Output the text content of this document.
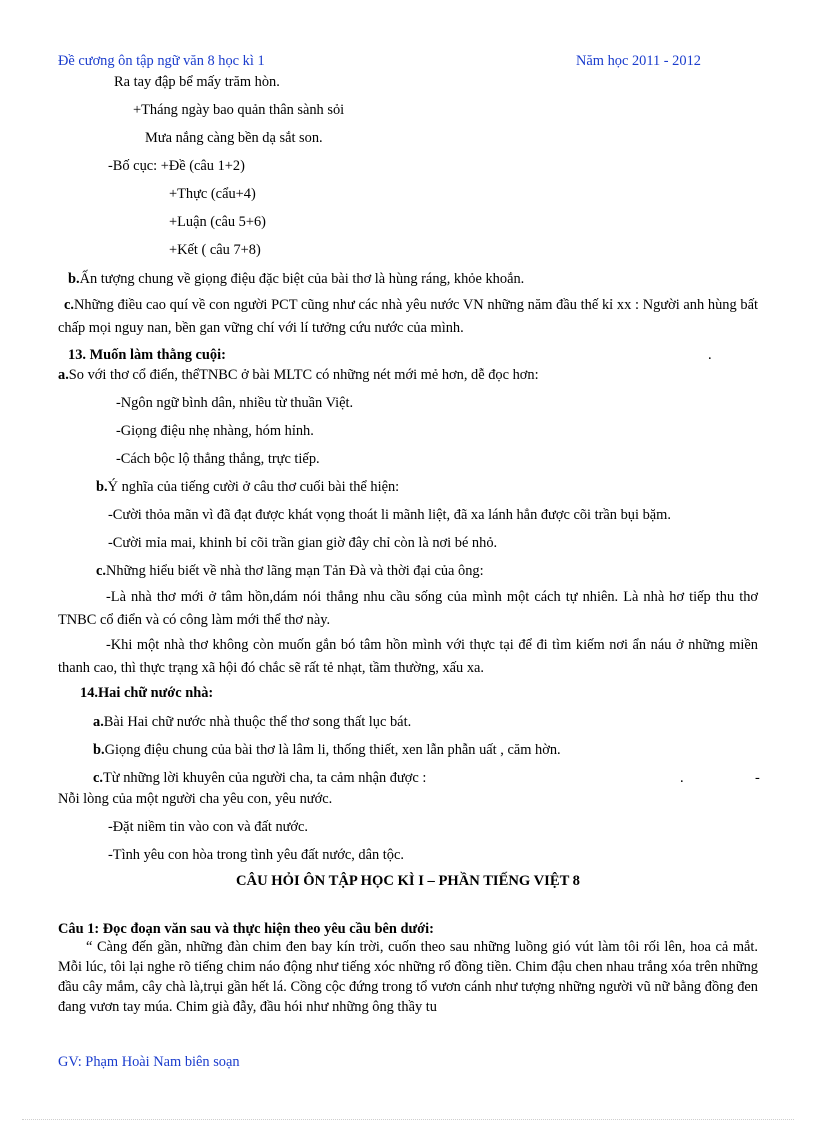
Đề cương ôn tập ngữ văn 8 học kì 1	Năm học 2011 - 2012
Ra tay đập bể mấy trăm hòn.
+Tháng ngày bao quản thân sành sỏi
Mưa nắng càng bền dạ sắt son.
-Bố cục: +Đề (câu 1+2)
+Thực (cẩu+4)
+Luận (câu 5+6)
+Kết ( câu 7+8)
b.Ấn tượng chung về giọng điệu đặc biệt của bài thơ là hùng ráng, khỏe khoắn.
c.Những điều cao quí về con người PCT cũng như các nhà yêu nước VN những năm đầu thế kỉ xx : Người anh hùng bất chấp mọi nguy nan, bền gan vững chí với lí tưởng cứu nước của mình.
13. Muốn làm thằng cuội:	.
a.So với thơ cổ điển, thểTNBC ở bài MLTC có những nét mới mẻ hơn, dễ đọc hơn:
-Ngôn ngữ bình dân, nhiều từ thuần Việt.
-Giọng điệu nhẹ nhàng, hóm hỉnh.
-Cách bộc lộ thẳng thắng, trực tiếp.
b.Ý nghĩa của tiếng cười ở câu thơ cuối bài thể hiện:
-Cười thỏa mãn vì đã đạt được khát vọng thoát li mãnh liệt, đã xa lánh hẳn được cõi trần bụi bặm.
-Cười mỉa mai, khinh bỉ cõi trần gian giờ đây chỉ còn là nơi bé nhỏ.
c.Những hiểu biết về nhà thơ lãng mạn Tản Đà và thời đại của ông:
-Là nhà thơ mới ở tâm hồn,dám nói thẳng nhu cầu sống của mình một cách tự nhiên. Là nhà hơ tiếp thu thơ TNBC cổ điển và có công làm mới thể thơ này.
-Khi một nhà thơ không còn muốn gắn bó tâm hồn mình với thực tại để đi tìm kiếm nơi ẩn náu ở những miền thanh cao, thì thực trạng xã hội đó chắc sẽ rất tẻ nhạt, tầm thường, xấu xa.
14.Hai chữ nước nhà:
a.Bài Hai chữ nước nhà thuộc thể thơ song thất lục bát.
b.Giọng điệu chung của bài thơ là lâm li, thống thiết, xen lẫn phẫn uất , căm hờn.
c.Từ những lời khuyên của người cha, ta cảm nhận được :	.	-
Nỗi lòng của một người cha yêu con, yêu nước.
-Đặt niềm tin vào con và đất nước.
-Tình yêu con hòa trong tình yêu đất nước, dân tộc.
CÂU HỎI ÔN TẬP HỌC KÌ I – PHẦN TIẾNG VIỆT 8
Câu 1: Đọc đoạn văn sau và thực hiện theo yêu cầu bên dưới:
“ Càng đến gần, những đàn chim đen bay kín trời, cuốn theo sau những luồng gió vút làm tôi rối lên, hoa cả mắt. Mỗi lúc, tôi lại nghe rõ tiếng chim náo động như tiếng xóc những rổ đồng tiền. Chim đậu chen nhau trắng xóa trên những đầu cây mắm, cây chà là,trụi gần hết lá. Cồng cộc đứng trong tổ vươn cánh như tượng những người vũ nữ bằng đồng đen đang vươn tay múa. Chim già đẫy, đầu hói như những ông thầy tu
GV: Phạm Hoài Nam biên soạn
